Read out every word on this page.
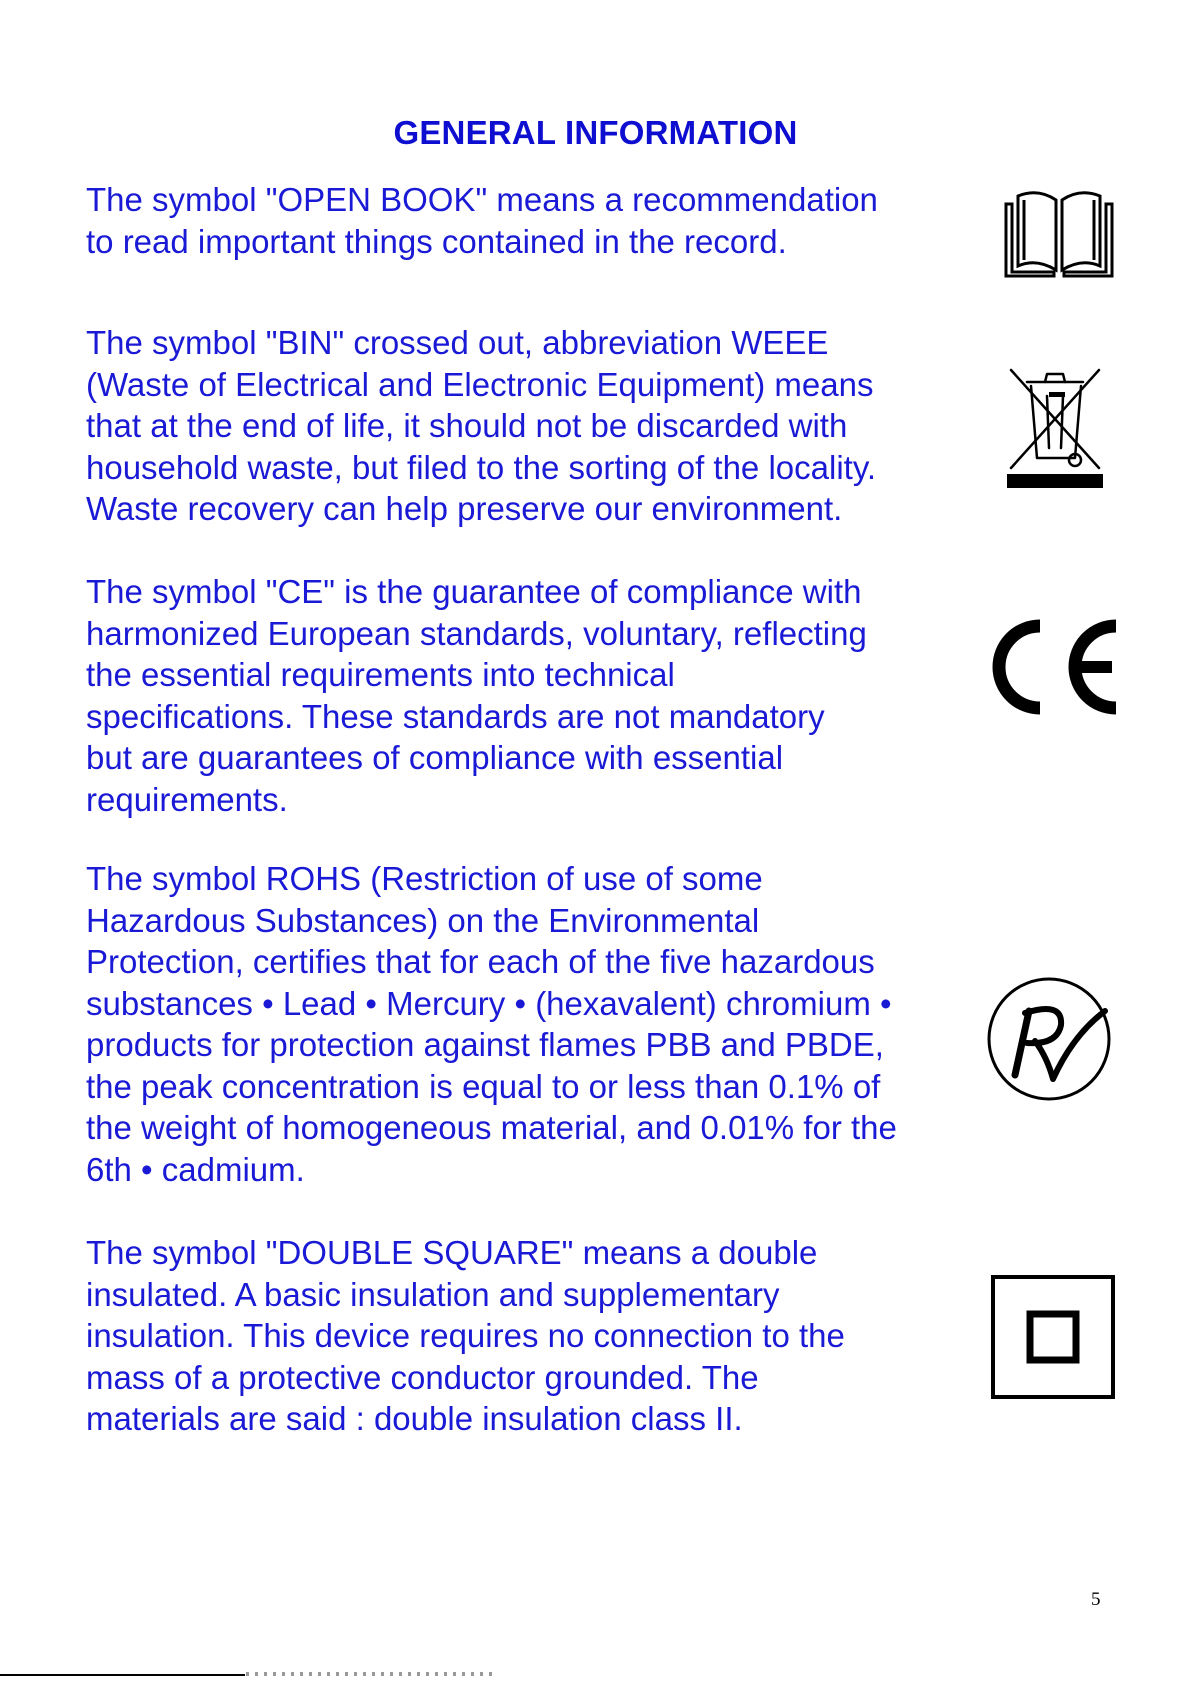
GENERAL INFORMATION

The symbol "OPEN BOOK" means a recommendation
to read important things contained in the record.

The symbol "BIN" crossed out, abbreviation WEEE
(Waste of Electrical and Electronic Equipment) means
that at the end of life, it should not be discarded with
household waste, but filed to the sorting of the locality.
Waste recovery can help preserve our environment.

The symbol "CE" is the guarantee of compliance with
harmonized European standards, voluntary, reflecting
the essential requirements into technical
specifications. These standards are not mandatory
but are guarantees of compliance with essential
requirements.

The symbol ROHS (Restriction of use of some
Hazardous Substances) on the Environmental
Protection, certifies that for each of the five hazardous
substances • Lead • Mercury • (hexavalent) chromium •
products for protection against flames PBB and PBDE,
the peak concentration is equal to or less than 0.1% of
the weight of homogeneous material, and 0.01% for the
6th • cadmium.

The symbol "DOUBLE SQUARE" means a double
insulated. A basic insulation and supplementary
insulation. This device requires no connection to the
mass of a protective conductor grounded. The
materials are said : double insulation class II.

5
